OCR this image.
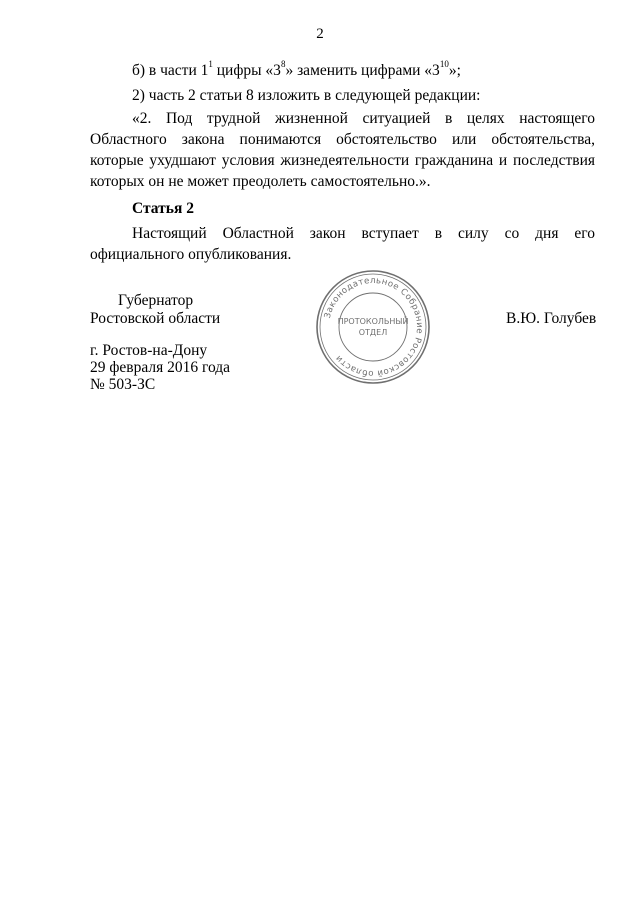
2
б) в части $1^1$ цифры «$3^8$» заменить цифрами «$3^{10}$»;
2) часть 2 статьи 8 изложить в следующей редакции:
«2. Под трудной жизненной ситуацией в целях настоящего Областного закона понимаются обстоятельство или обстоятельства, которые ухудшают условия жизнедеятельности гражданина и последствия которых он не может преодолеть самостоятельно.».
Статья 2
Настоящий Областной закон вступает в силу со дня его официального опубликования.
Губернатор
Ростовской области	В.Ю. Голубев
г. Ростов-на-Дону
29 февраля 2016 года
№ 503-ЗС
Законодательное Собрание Ростовской области
ПРОТОКОЛЬНЫЙ
ОТДЕЛ
